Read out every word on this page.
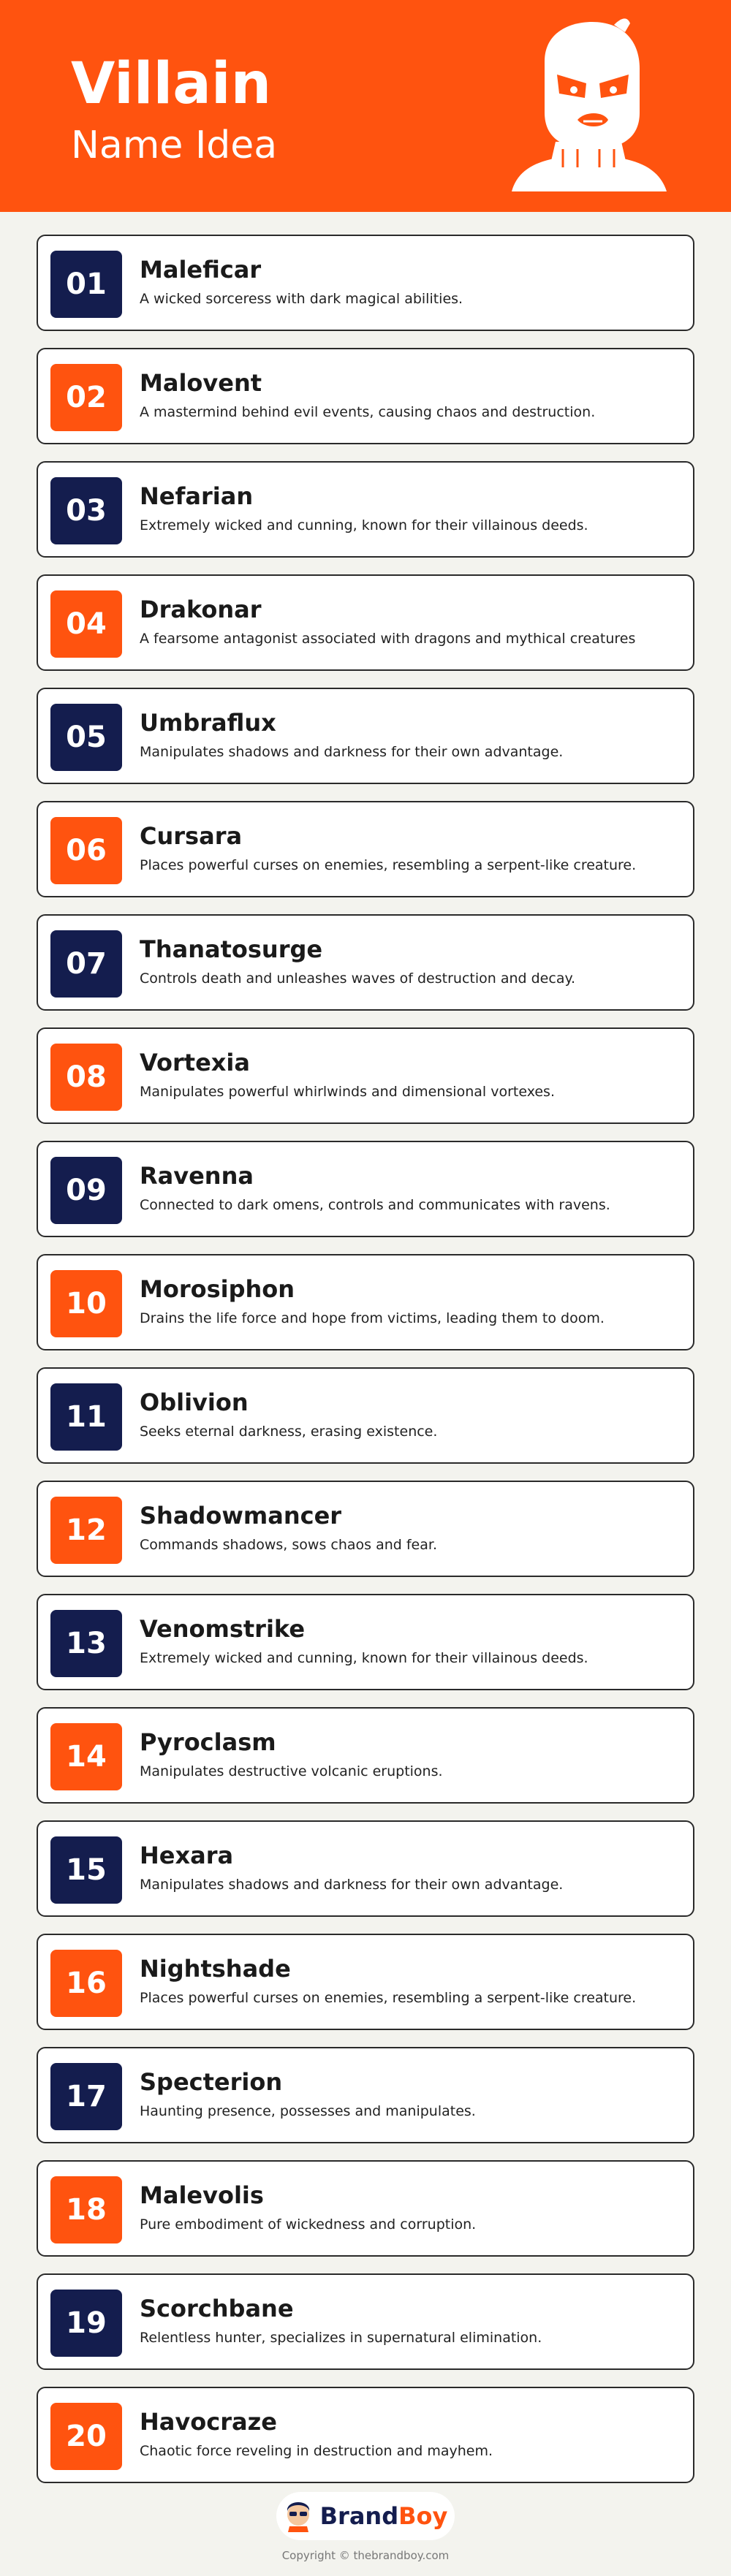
Villain
Name Idea
01	Maleficar
A wicked sorceress with dark magical abilities.
02	Malovent
A mastermind behind evil events, causing chaos and destruction.
03	Nefarian
Extremely wicked and cunning, known for their villainous deeds.
04	Drakonar
A fearsome antagonist associated with dragons and mythical creatures
05	Umbraflux
Manipulates shadows and darkness for their own advantage.
06	Cursara
Places powerful curses on enemies, resembling a serpent-like creature.
07	Thanatosurge
Controls death and unleashes waves of destruction and decay.
08	Vortexia
Manipulates powerful whirlwinds and dimensional vortexes.
09	Ravenna
Connected to dark omens, controls and communicates with ravens.
10	Morosiphon
Drains the life force and hope from victims, leading them to doom.
11	Oblivion
Seeks eternal darkness, erasing existence.
12	Shadowmancer
Commands shadows, sows chaos and fear.
13	Venomstrike
Extremely wicked and cunning, known for their villainous deeds.
14	Pyroclasm
Manipulates destructive volcanic eruptions.
15	Hexara
Manipulates shadows and darkness for their own advantage.
16	Nightshade
Places powerful curses on enemies, resembling a serpent-like creature.
17	Specterion
Haunting presence, possesses and manipulates.
18	Malevolis
Pure embodiment of wickedness and corruption.
19	Scorchbane
Relentless hunter, specializes in supernatural elimination.
20	Havocraze
Chaotic force reveling in destruction and mayhem.
BrandBoy
Copyright © thebrandboy.com
